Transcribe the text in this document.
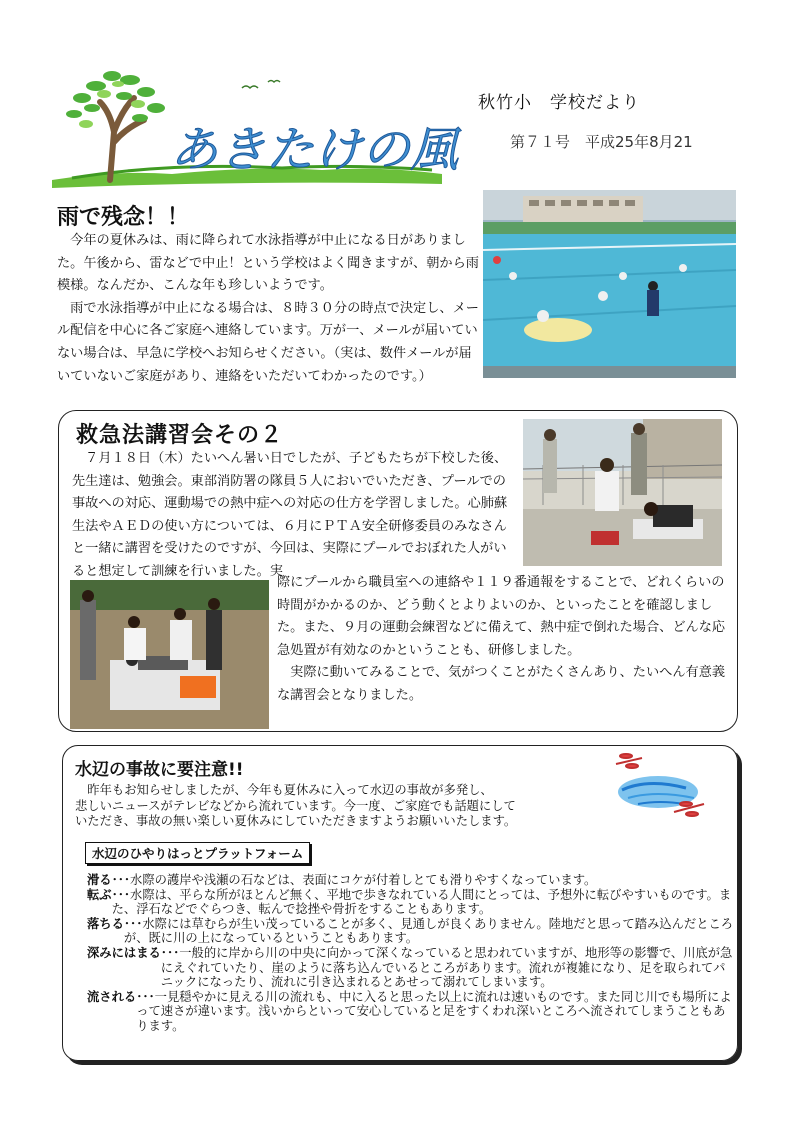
あきたけの風
秋竹小　学校だより
第７１号　平成25年8月21
雨で残念！！

　今年の夏休みは、雨に降られて水泳指導が中止になる日がありました。午後から、雷などで中止！という学校はよく聞きますが、朝から雨模様。なんだか、こんな年も珍しいようです。

　雨で水泳指導が中止になる場合は、８時３０分の時点で決定し、メール配信を中心に各ご家庭へ連絡しています。万が一、メールが届いていない場合は、早急に学校へお知らせください。（実は、数件メールが届いていないご家庭があり、連絡をいただいてわかったのです。）

救急法講習会その２

　７月１８日（木）たいへん暑い日でしたが、子どもたちが下校した後、先生達は、勉強会。東部消防署の隊員５人においでいただき、プールでの事故への対応、運動場での熱中症への対応の仕方を学習しました。心肺蘇生法やＡＥＤの使い方については、６月にＰＴＡ安全研修委員のみなさんと一緒に講習を受けたのですが、今回は、実際にプールでおぼれた人がいると想定して訓練を行いました。実

際にプールから職員室への連絡や１１９番通報をすることで、どれくらいの時間がかかるのか、どう動くとよりよいのか、といったことを確認しました。また、９月の運動会練習などに備えて、熱中症で倒れた場合、どんな応急処置が有効なのかということも、研修しました。

　実際に動いてみることで、気がつくことがたくさんあり、たいへん有意義な講習会となりました。

水辺の事故に要注意!!

　昨年もお知らせしましたが、今年も夏休みに入って水辺の事故が多発し、

悲しいニュースがテレビなどから流れています。今一度、ご家庭でも話題にして

いただき、事故の無い楽しい夏休みにしていただきますようお願いいたします。

水辺のひやりはっとプラットフォーム

滑る ･･･水際の護岸や浅瀬の石などは、表面にコケが付着しとても滑りやすくなっています。

転ぶ ･･･水際は、平らな所がほとんど無く、平地で歩きなれている人間にとっては、予想外に転びやすいものです。また、浮石などでぐらつき、転んで捻挫や骨折をすることもあります。

落ちる ･･･水際には草むらが生い茂っていることが多く、見通しが良くありません。陸地だと思って踏み込んだところが、既に川の上になっているということもあります。

深みにはまる ･･･一般的に岸から川の中央に向かって深くなっていると思われていますが、地形等の影響で、川底が急にえぐれていたり、崖のように落ち込んでいるところがあります。流れが複雑になり、足を取られてパニックになったり、流れに引き込まれるとあせって溺れてしまいます。

流される ･･･一見穏やかに見える川の流れも、中に入ると思った以上に流れは速いものです。また同じ川でも場所によって速さが違います。浅いからといって安心していると足をすくわれ深いところへ流されてしまうこともあります。
